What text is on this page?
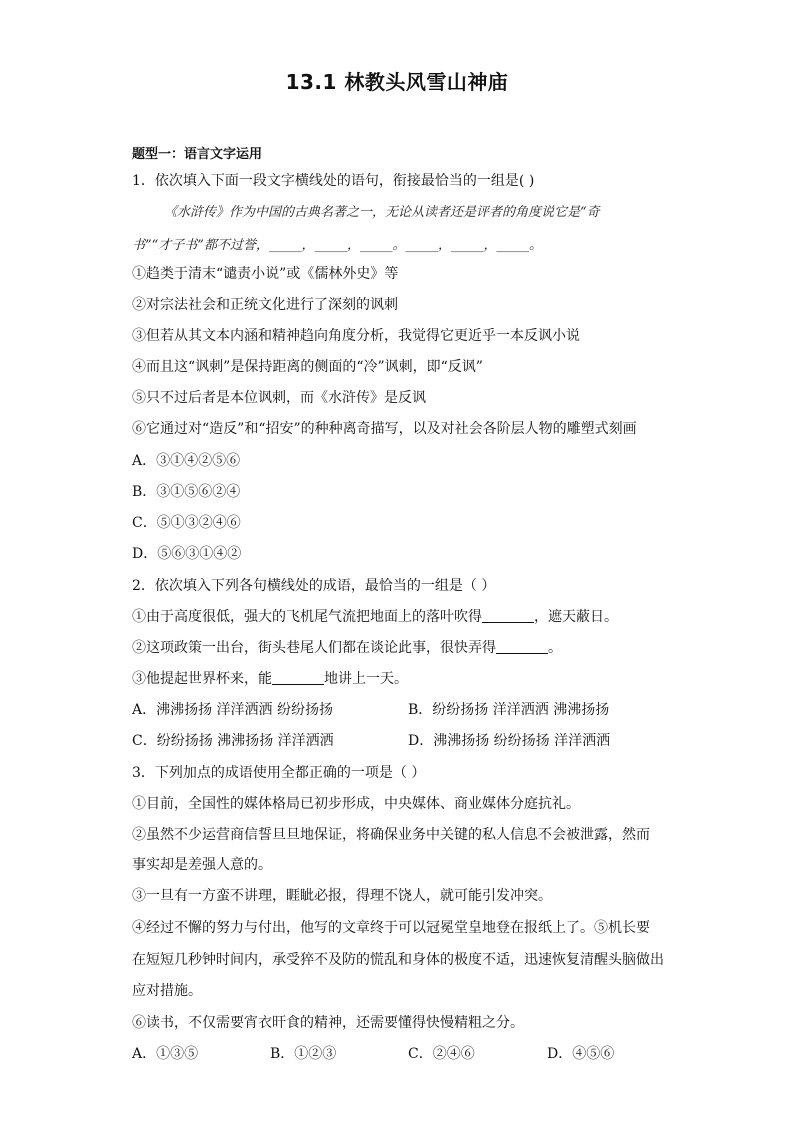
13.1 林教头风雪山神庙
题型一：语言文字运用
1．依次填入下面一段文字横线处的语句，衔接最恰当的一组是( )
《水浒传》作为中国的古典名著之一，无论从读者还是评者的角度说它是“奇
书”“才子书”都不过誉，_____，_____，_____。_____，_____，_____。
①趋类于清末“谴责小说”或《儒林外史》等
②对宗法社会和正统文化进行了深刻的讽刺
③但若从其文本内涵和精神趋向角度分析，我觉得它更近乎一本反讽小说
④而且这“讽刺”是保持距离的侧面的“冷”讽刺，即“反讽”
⑤只不过后者是本位讽刺，而《水浒传》是反讽
⑥它通过对“造反”和“招安”的种种离奇描写，以及对社会各阶层人物的雕塑式刻画
A．③①④②⑤⑥
B．③①⑤⑥②④
C．⑤①③②④⑥
D．⑤⑥③①④②
2．依次填入下列各句横线处的成语，最恰当的一组是（ ）
①由于高度很低，强大的飞机尾气流把地面上的落叶吹得	，遮天蔽日。
②这项政策一出台，街头巷尾人们都在谈论此事，很快弄得	。
③他提起世界杯来，能	地讲上一天。
A．沸沸扬扬 洋洋洒洒 纷纷扬扬	B．纷纷扬扬 洋洋洒洒 沸沸扬扬
C．纷纷扬扬 沸沸扬扬 洋洋洒洒	D．沸沸扬扬 纷纷扬扬 洋洋洒洒
3．下列加点的成语使用全都正确的一项是（ ）
①目前，全国性的媒体格局已初步形成，中央媒体、商业媒体分庭抗礼。
②虽然不少运营商信誓旦旦地保证，将确保业务中关键的私人信息不会被泄露，然而
事实却是差强人意的。
③一旦有一方蛮不讲理，睚眦必报，得理不饶人，就可能引发冲突。
④经过不懈的努力与付出，他写的文章终于可以冠冕堂皇地登在报纸上了。⑤机长要
在短短几秒钟时间内，承受猝不及防的慌乱和身体的极度不适，迅速恢复清醒头脑做出
应对措施。
⑥读书，不仅需要宵衣旰食的精神，还需要懂得快慢精粗之分。
A．①③⑤	B．①②③	C．②④⑥	D．④⑤⑥
